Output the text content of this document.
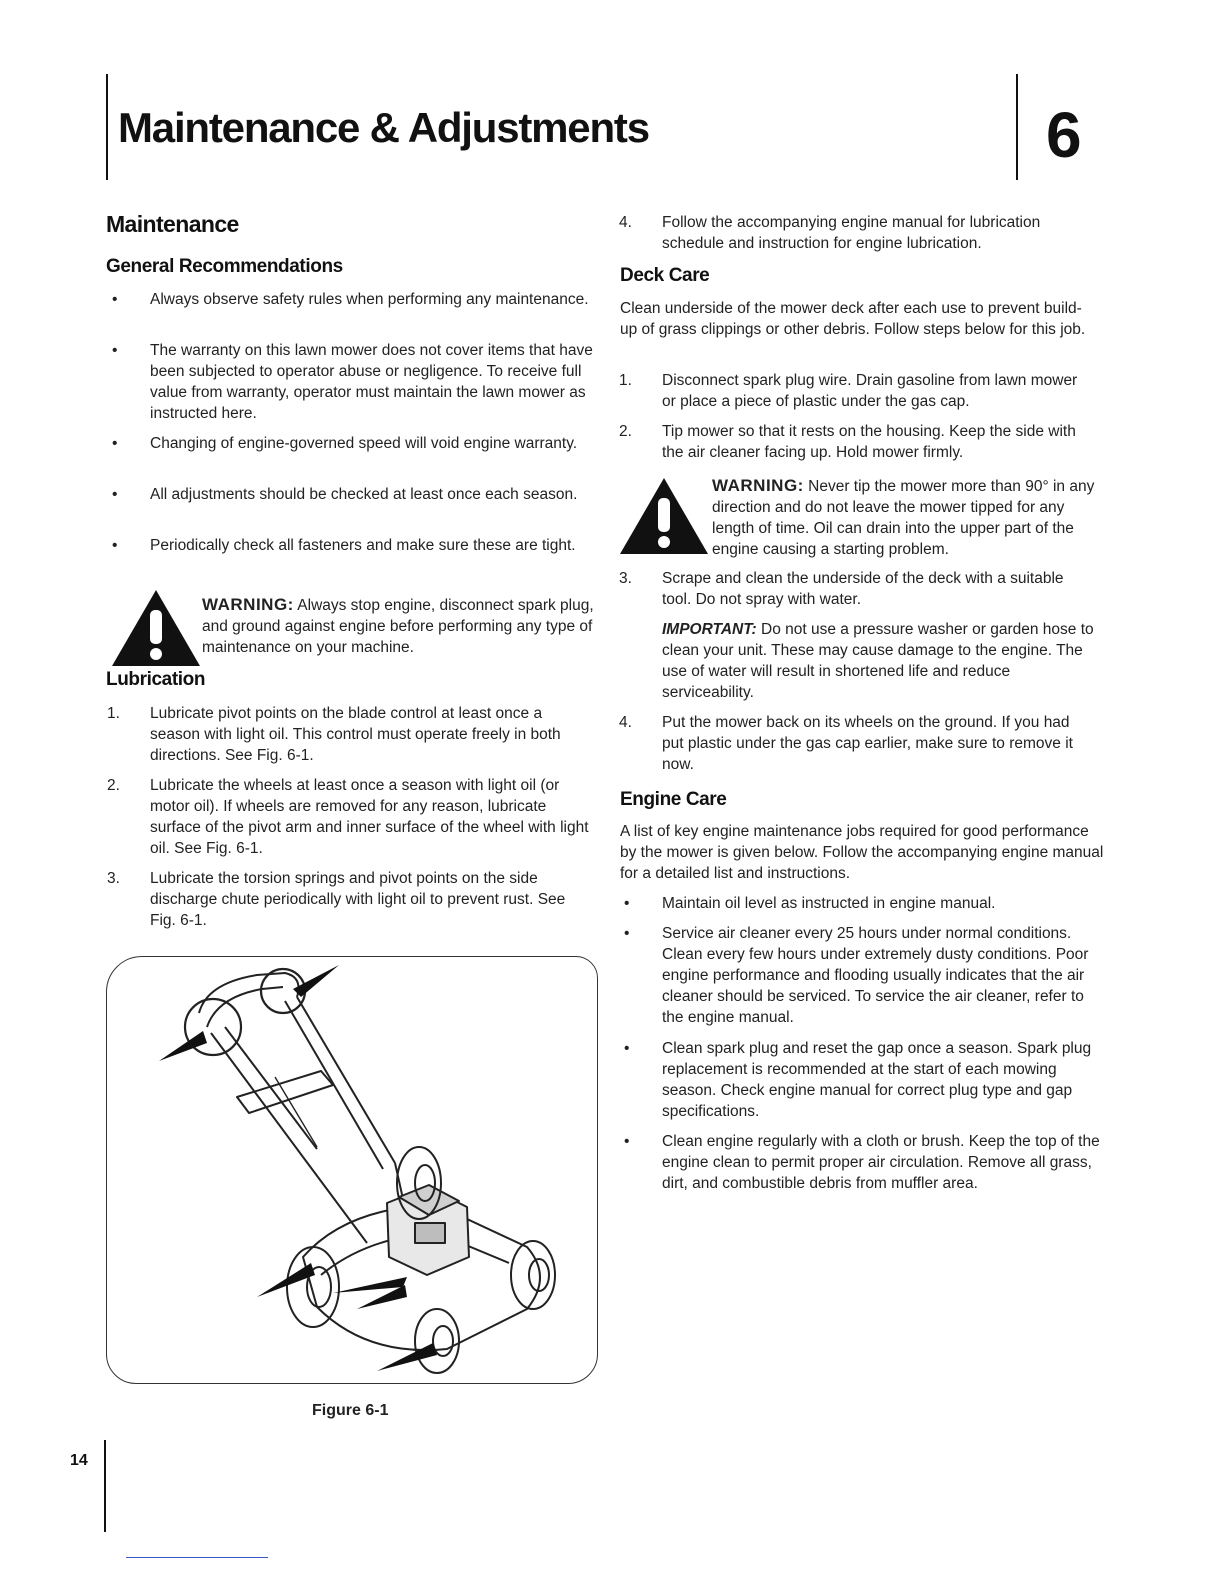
Maintenance & Adjustments	6
Maintenance
General Recommendations
•	Always observe safety rules when performing any maintenance.
•	The warranty on this lawn mower does not cover items that have been subjected to operator abuse or negligence. To receive full value from warranty, operator must maintain the lawn mower as instructed here.
•	Changing of engine-governed speed will void engine warranty.
•	All adjustments should be checked at least once each season.
•	Periodically check all fasteners and make sure these are tight.
WARNING: Always stop engine, disconnect spark plug, and ground against engine before performing any type of maintenance on your machine.
Lubrication
1.	Lubricate pivot points on the blade control at least once a season with light oil. This control must operate freely in both directions. See Fig. 6-1.
2.	Lubricate the wheels at least once a season with light oil (or motor oil). If wheels are removed for any reason, lubricate surface of the pivot arm and inner surface of the wheel with light oil. See Fig. 6-1.
3.	Lubricate the torsion springs and pivot points on the side discharge chute periodically with light oil to prevent rust. See Fig. 6-1.
Figure 6-1
4.	Follow the accompanying engine manual for lubrication schedule and instruction for engine lubrication.
Deck Care
Clean underside of the mower deck after each use to prevent build-up of grass clippings or other debris. Follow steps below for this job.
1.	Disconnect spark plug wire. Drain gasoline from lawn mower or place a piece of plastic under the gas cap.
2.	Tip mower so that it rests on the housing. Keep the side with the air cleaner facing up. Hold mower firmly.
WARNING: Never tip the mower more than 90° in any direction and do not leave the mower tipped for any length of time. Oil can drain into the upper part of the engine causing a starting problem.
3.	Scrape and clean the underside of the deck with a suitable tool. Do not spray with water.
IMPORTANT: Do not use a pressure washer or garden hose to clean your unit. These may cause damage to the engine. The use of water will result in shortened life and reduce serviceability.
4.	Put the mower back on its wheels on the ground. If you had put plastic under the gas cap earlier, make sure to remove it now.
Engine Care
A list of key engine maintenance jobs required for good performance by the mower is given below. Follow the accompanying engine manual for a detailed list and instructions.
•	Maintain oil level as instructed in engine manual.
•	Service air cleaner every 25 hours under normal conditions. Clean every few hours under extremely dusty conditions. Poor engine performance and flooding usually indicates that the air cleaner should be serviced. To service the air cleaner, refer to the engine manual.
•	Clean spark plug and reset the gap once a season. Spark plug replacement is recommended at the start of each mowing season. Check engine manual for correct plug type and gap specifications.
•	Clean engine regularly with a cloth or brush. Keep the top of the engine clean to permit proper air circulation. Remove all grass, dirt, and combustible debris from muffler area.
14
